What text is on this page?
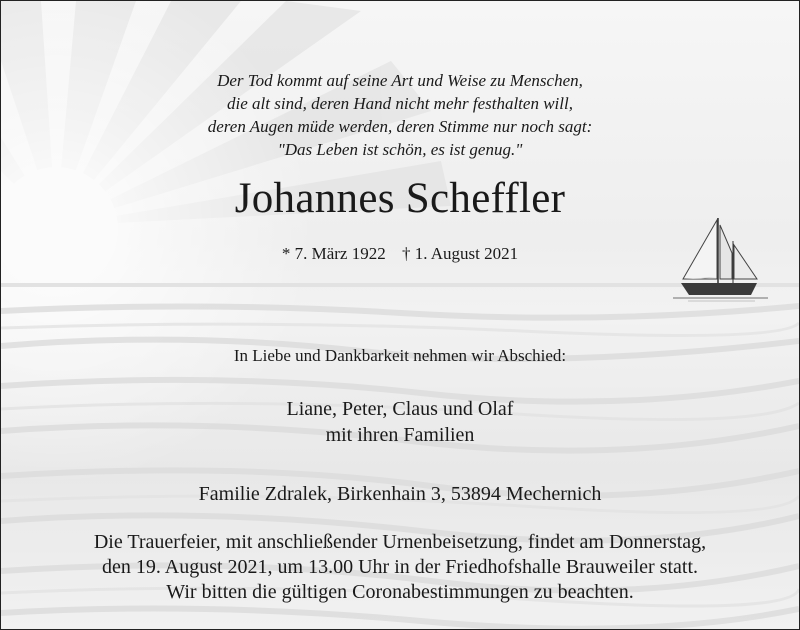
Der Tod kommt auf seine Art und Weise zu Menschen,
die alt sind, deren Hand nicht mehr festhalten will,
deren Augen müde werden, deren Stimme nur noch sagt:
"Das Leben ist schön, es ist genug."
Johannes Scheffler
* 7. März 1922 † 1. August 2021
In Liebe und Dankbarkeit nehmen wir Abschied:
Liane, Peter, Claus und Olaf
mit ihren Familien
Familie Zdralek, Birkenhain 3, 53894 Mechernich
Die Trauerfeier, mit anschließender Urnenbeisetzung, findet am Donnerstag,
den 19. August 2021, um 13.00 Uhr in der Friedhofshalle Brauweiler statt.
Wir bitten die gültigen Coronabestimmungen zu beachten.
